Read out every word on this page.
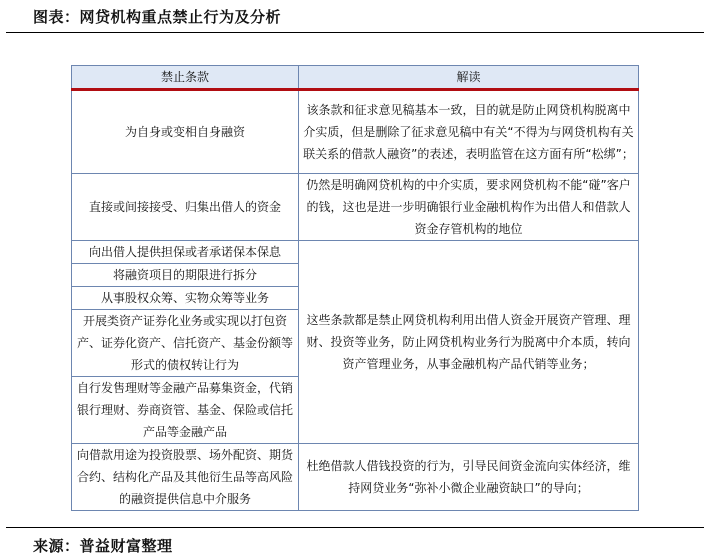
图表：网贷机构重点禁止行为及分析
禁止条款	解读
为自身或变相自身融资	该条款和征求意见稿基本一致，目的就是防止网贷机构脱离中介实质，但是删除了征求意见稿中有关“不得为与网贷机构有关联关系的借款人融资”的表述，表明监管在这方面有所“松绑”；
直接或间接接受、归集出借人的资金	仍然是明确网贷机构的中介实质，要求网贷机构不能“碰”客户的钱，这也是进一步明确银行业金融机构作为出借人和借款人资金存管机构的地位
向出借人提供担保或者承诺保本保息	这些条款都是禁止网贷机构利用出借人资金开展资产管理、理财、投资等业务，防止网贷机构业务行为脱离中介本质，转向资产管理业务，从事金融机构产品代销等业务；
将融资项目的期限进行拆分	
从事股权众筹、实物众筹等业务	
开展类资产证券化业务或实现以打包资产、证券化资产、信托资产、基金份额等形式的债权转让行为	
自行发售理财等金融产品募集资金，代销银行理财、券商资管、基金、保险或信托产品等金融产品	
向借款用途为投资股票、场外配资、期货合约、结构化产品及其他衍生品等高风险的融资提供信息中介服务	杜绝借款人借钱投资的行为，引导民间资金流向实体经济，维持网贷业务“弥补小微企业融资缺口”的导向；
来源：普益财富整理
